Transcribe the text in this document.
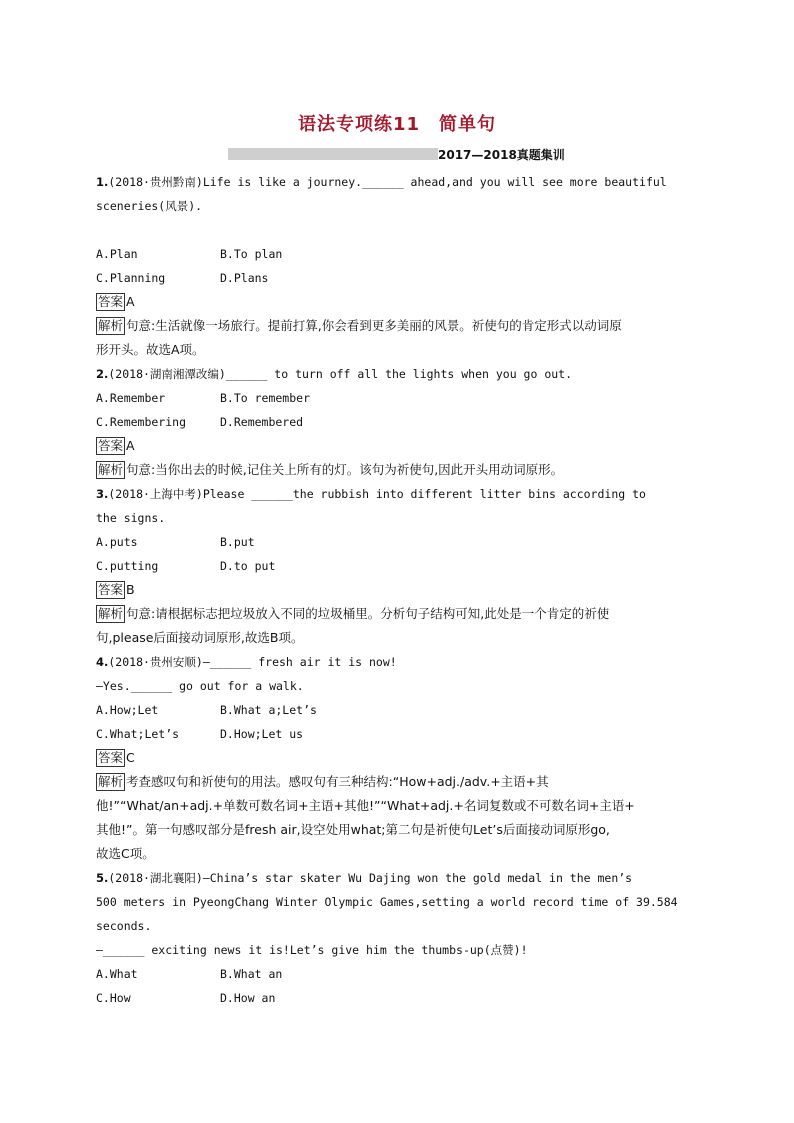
语法专项练11　简单句
2017—2018真题集训
1.(2018·贵州黔南)Life is like a journey.______ ahead,and you will see more beautiful
sceneries(风景).
A.Plan	B.To plan
C.Planning	D.Plans
答案 A
解析 句意:生活就像一场旅行。提前打算,你会看到更多美丽的风景。祈使句的肯定形式以动词原
形开头。故选A项。
2.(2018·湖南湘潭改编)______ to turn off all the lights when you go out.
A.Remember	B.To remember
C.Remembering	D.Remembered
答案 A
解析 句意:当你出去的时候,记住关上所有的灯。该句为祈使句,因此开头用动词原形。
3.(2018·上海中考)Please ______the rubbish into different litter bins according to
the signs.
A.puts	B.put
C.putting	D.to put
答案 B
解析 句意:请根据标志把垃圾放入不同的垃圾桶里。分析句子结构可知,此处是一个肯定的祈使
句,please后面接动词原形,故选B项。
4.(2018·贵州安顺)—______ fresh air it is now!
—Yes.______ go out for a walk.
A.How;Let	B.What a;Let’s
C.What;Let’s	D.How;Let us
答案 C
解析 考查感叹句和祈使句的用法。感叹句有三种结构:“How+adj./adv.+主语+其
他!”“What/an+adj.+单数可数名词+主语+其他!”“What+adj.+名词复数或不可数名词+主语+
其他!”。第一句感叹部分是fresh air,设空处用what;第二句是祈使句Let’s后面接动词原形go,
故选C项。
5.(2018·湖北襄阳)—China’s star skater Wu Dajing won the gold medal in the men’s
500 meters in PyeongChang Winter Olympic Games,setting a world record time of 39.584
seconds.
—______ exciting news it is!Let’s give him the thumbs-up(点赞)!
A.What	B.What an
C.How	D.How an
